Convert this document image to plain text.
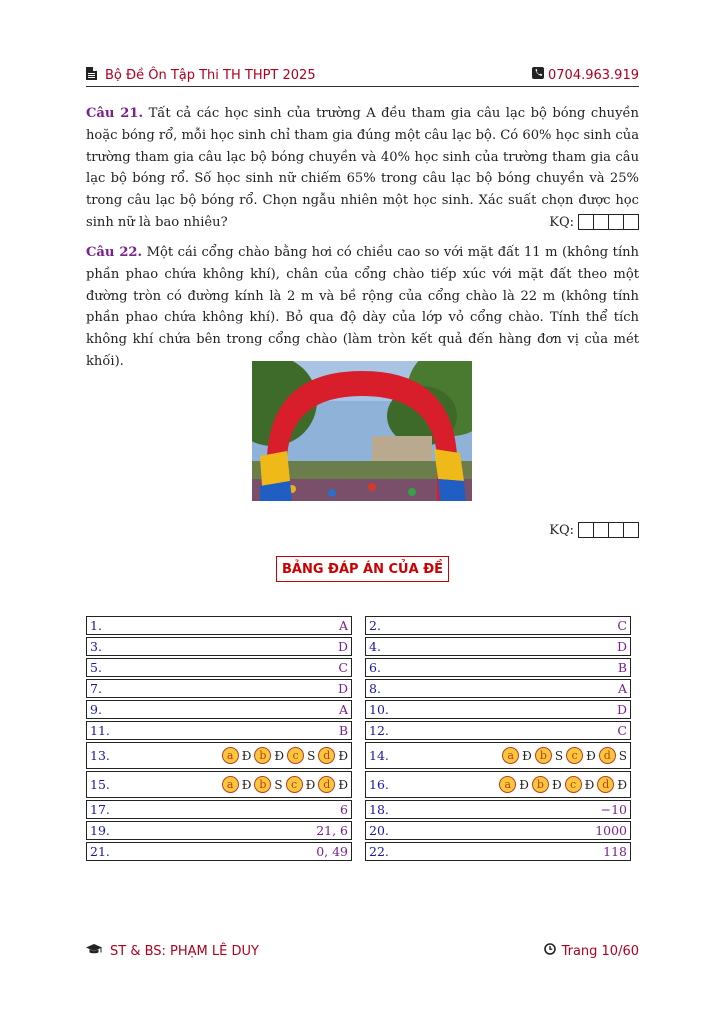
Bộ Đề Ôn Tập Thi TH THPT 2025	0704.963.919
Câu 21. Tất cả các học sinh của trường A đều tham gia câu lạc bộ bóng chuyền hoặc bóng rổ, mỗi học sinh chỉ tham gia đúng một câu lạc bộ. Có 60% học sinh của trường tham gia câu lạc bộ bóng chuyền và 40% học sinh của trường tham gia câu lạc bộ bóng rổ. Số học sinh nữ chiếm 65% trong câu lạc bộ bóng chuyền và 25% trong câu lạc bộ bóng rổ. Chọn ngẫu nhiên một học sinh. Xác suất chọn được học sinh nữ là bao nhiêu?	KQ:
Câu 22. Một cái cổng chào bằng hơi có chiều cao so với mặt đất 11 m (không tính phần phao chứa không khí), chân của cổng chào tiếp xúc với mặt đất theo một đường tròn có đường kính là 2 m và bề rộng của cổng chào là 22 m (không tính phần phao chứa không khí). Bỏ qua độ dày của lớp vỏ cổng chào. Tính thể tích không khí chứa bên trong cổng chào (làm tròn kết quả đến hàng đơn vị của mét khối).
KQ:
BẢNG ĐÁP ÁN CỦA ĐỀ
1.	A 2.	C
3.	D 4.	D
5.	C 6.	B
7.	D 8.	A
9.	A 10.	D
11.	B 12.	C
13.	a Đ b Đ c S d Đ 14.	a Đ b S c Đ d S
15.	a Đ b S c Đ d Đ 16.	a Đ b Đ c Đ d Đ
17.	6 18.	−10
19.	21, 6 20.	1000
21.	0, 49 22.	118
ST & BS: PHẠM LÊ DUY	Trang 10/60
